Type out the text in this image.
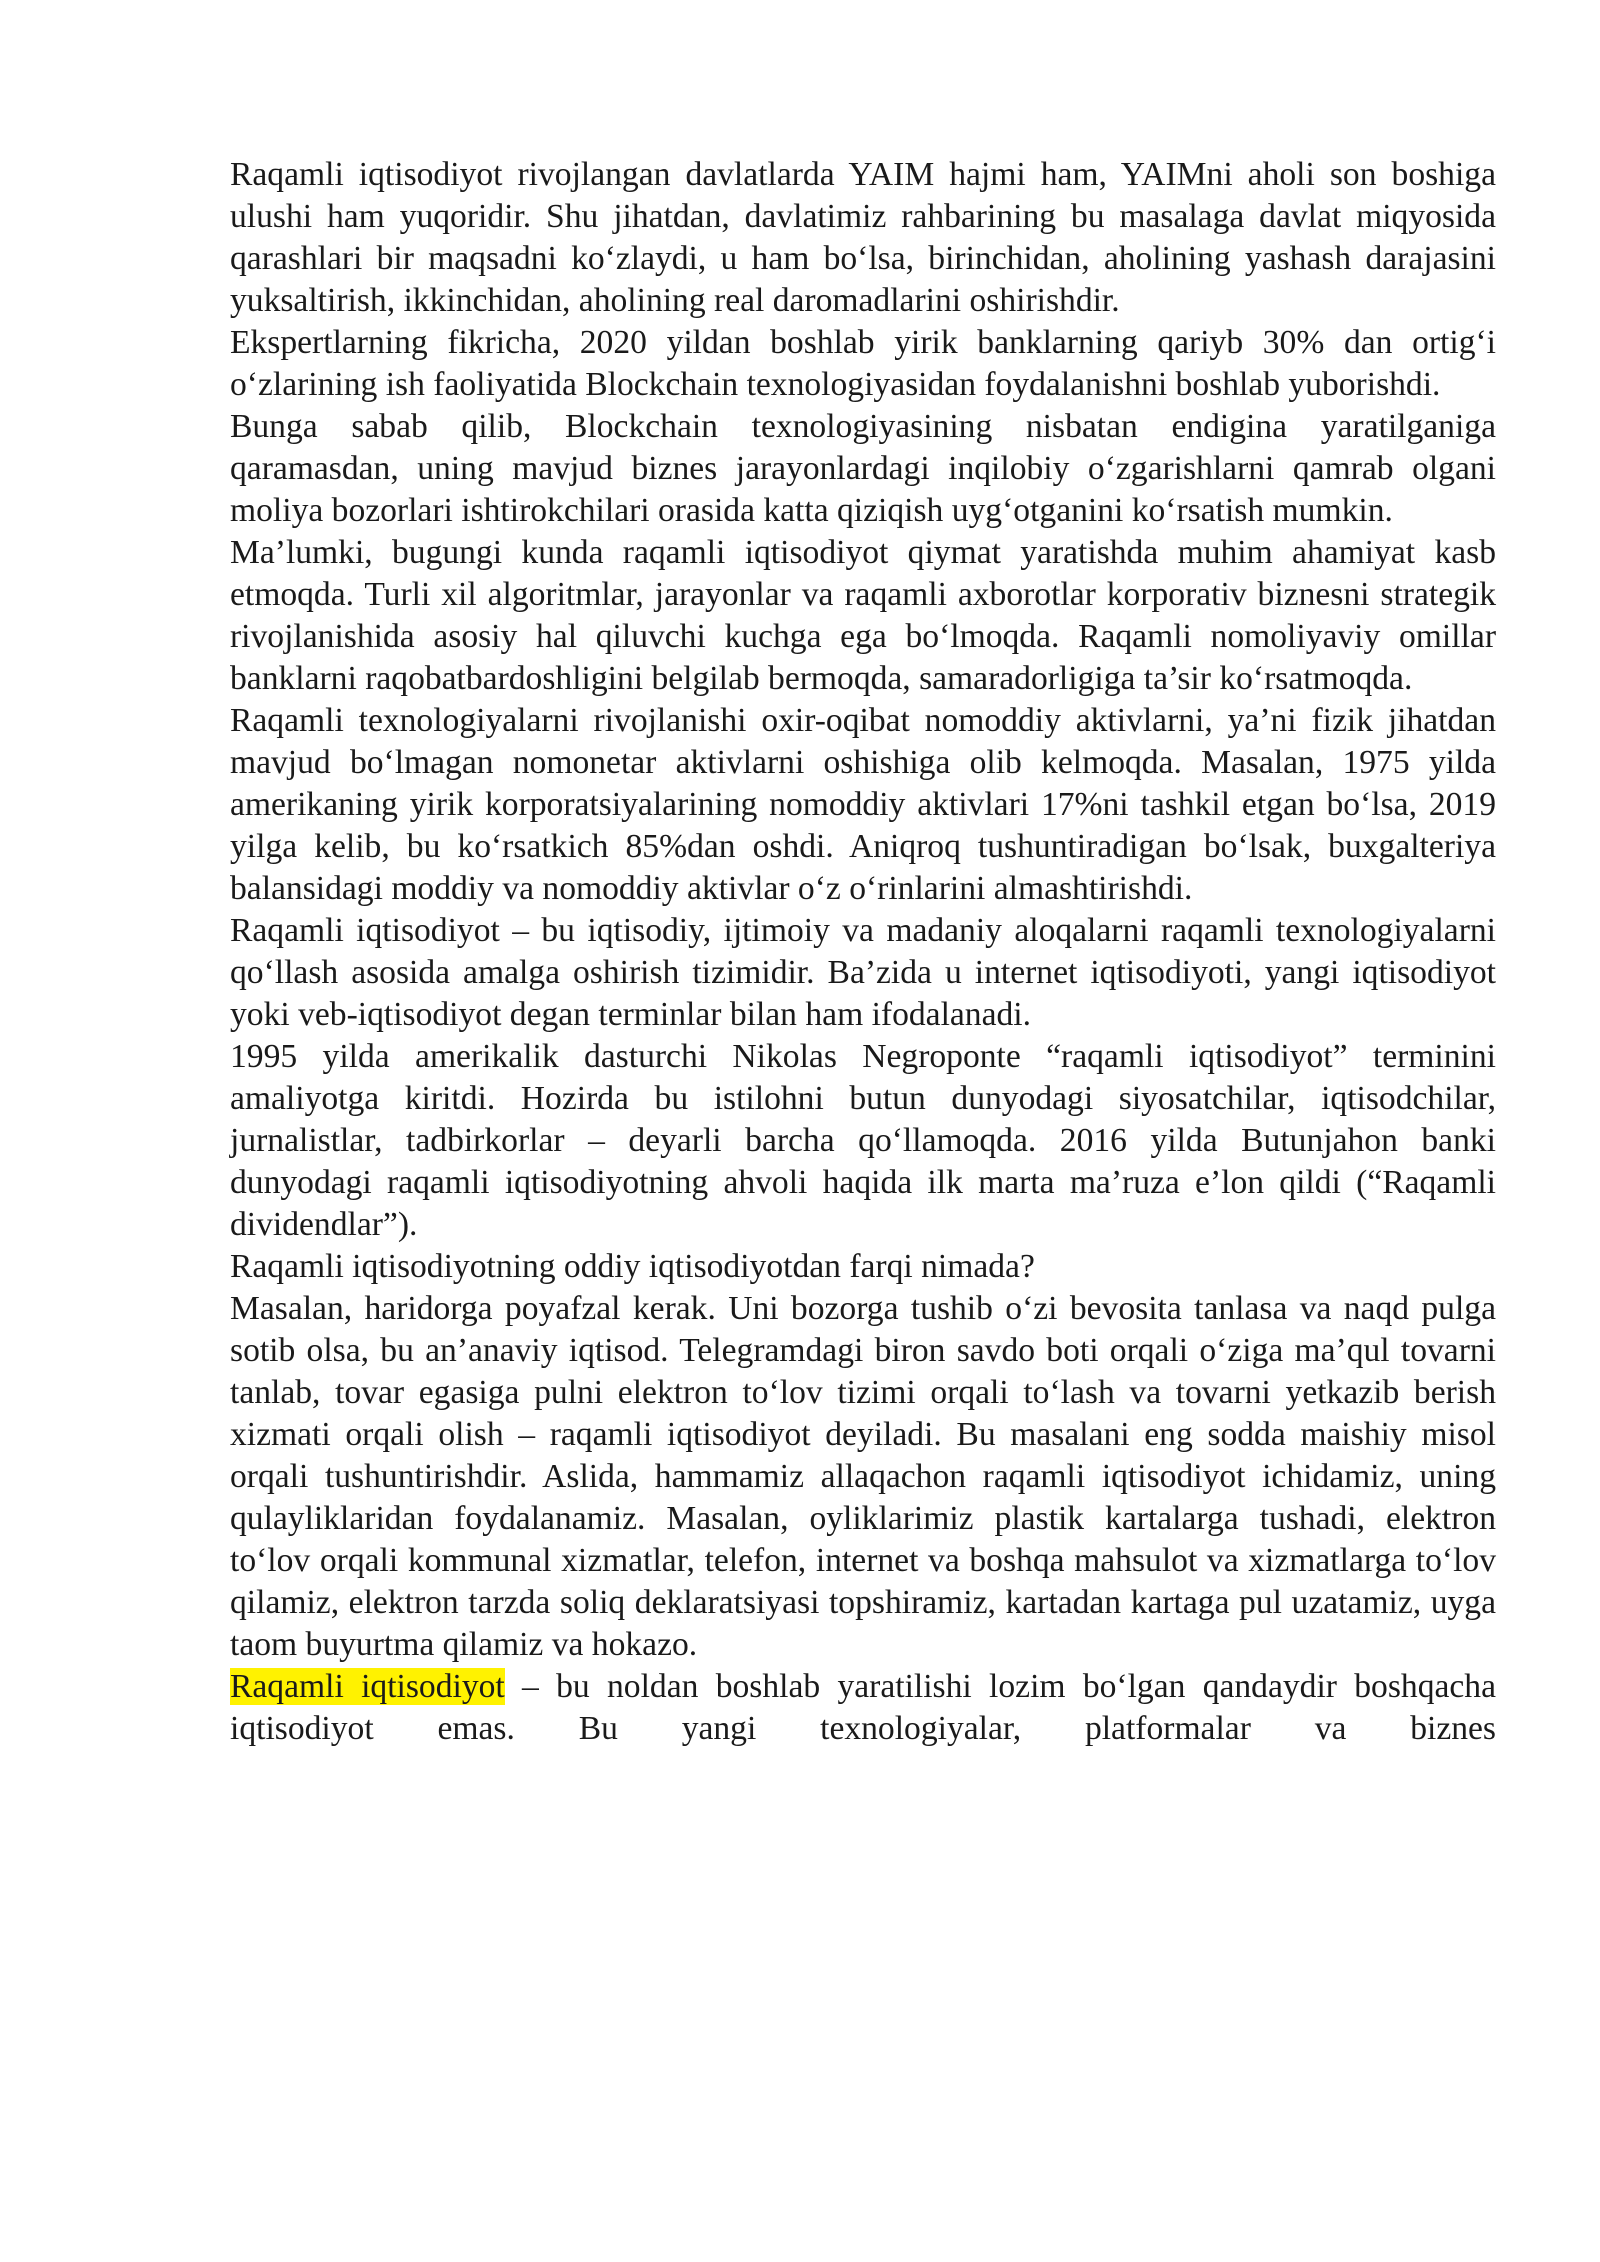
Raqamli iqtisodiyot rivojlangan davlatlarda YAIM hajmi ham, YAIMni aholi son boshiga ulushi ham yuqoridir. Shu jihatdan, davlatimiz rahbarining bu masalaga davlat miqyosida qarashlari bir maqsadni koʻzlaydi, u ham boʻlsa, birinchidan, aholining yashash darajasini yuksaltirish, ikkinchidan, aholining real daromadlarini oshirishdir.

Ekspertlarning fikricha, 2020 yildan boshlab yirik banklarning qariyb 30% dan ortigʻi oʻzlarining ish faoliyatida Blockchain texnologiyasidan foydalanishni boshlab yuborishdi.

Bunga sabab qilib, Blockchain texnologiyasining nisbatan endigina yaratilganiga qaramasdan, uning mavjud biznes jarayonlardagi inqilobiy oʻzgarishlarni qamrab olgani moliya bozorlari ishtirokchilari orasida katta qiziqish uygʻotganini koʻrsatish mumkin.

Ma’lumki, bugungi kunda raqamli iqtisodiyot qiymat yaratishda muhim ahamiyat kasb etmoqda. Turli xil algoritmlar, jarayonlar va raqamli axborotlar korporativ biznesni strategik rivojlanishida asosiy hal qiluvchi kuchga ega boʻlmoqda. Raqamli nomoliyaviy omillar banklarni raqobatbardoshligini belgilab bermoqda, samaradorligiga ta’sir koʻrsatmoqda.

Raqamli texnologiyalarni rivojlanishi oxir-oqibat nomoddiy aktivlarni, ya’ni fizik jihatdan mavjud boʻlmagan nomonetar aktivlarni oshishiga olib kelmoqda. Masalan, 1975 yilda amerikaning yirik korporatsiyalarining nomoddiy aktivlari 17%ni tashkil etgan boʻlsa, 2019 yilga kelib, bu koʻrsatkich 85%dan oshdi. Aniqroq tushuntiradigan boʻlsak, buxgalteriya balansidagi moddiy va nomoddiy aktivlar oʻz oʻrinlarini almashtirishdi.

Raqamli iqtisodiyot – bu iqtisodiy, ijtimoiy va madaniy aloqalarni raqamli texnologiyalarni qoʻllash asosida amalga oshirish tizimidir. Ba’zida u internet iqtisodiyoti, yangi iqtisodiyot yoki veb-iqtisodiyot degan terminlar bilan ham ifodalanadi.

1995 yilda amerikalik dasturchi Nikolas Negroponte “raqamli iqtisodiyot” terminini amaliyotga kiritdi. Hozirda bu istilohni butun dunyodagi siyosatchilar, iqtisodchilar, jurnalistlar, tadbirkorlar – deyarli barcha qoʻllamoqda. 2016 yilda Butunjahon banki dunyodagi raqamli iqtisodiyotning ahvoli haqida ilk marta ma’ruza e’lon qildi (“Raqamli dividendlar”).

Raqamli iqtisodiyotning oddiy iqtisodiyotdan farqi nimada?

Masalan, haridorga poyafzal kerak. Uni bozorga tushib oʻzi bevosita tanlasa va naqd pulga sotib olsa, bu an’anaviy iqtisod. Telegramdagi biron savdo boti orqali oʻziga ma’qul tovarni tanlab, tovar egasiga pulni elektron toʻlov tizimi orqali toʻlash va tovarni yetkazib berish xizmati orqali olish – raqamli iqtisodiyot deyiladi. Bu masalani eng sodda maishiy misol orqali tushuntirishdir. Aslida, hammamiz allaqachon raqamli iqtisodiyot ichidamiz, uning qulayliklaridan foydalanamiz. Masalan, oyliklarimiz plastik kartalarga tushadi, elektron toʻlov orqali kommunal xizmatlar, telefon, internet va boshqa mahsulot va xizmatlarga toʻlov qilamiz, elektron tarzda soliq deklaratsiyasi topshiramiz, kartadan kartaga pul uzatamiz, uyga taom buyurtma qilamiz va hokazo.

Raqamli iqtisodiyot – bu noldan boshlab yaratilishi lozim boʻlgan qandaydir boshqacha iqtisodiyot emas. Bu yangi texnologiyalar, platformalar va biznes
